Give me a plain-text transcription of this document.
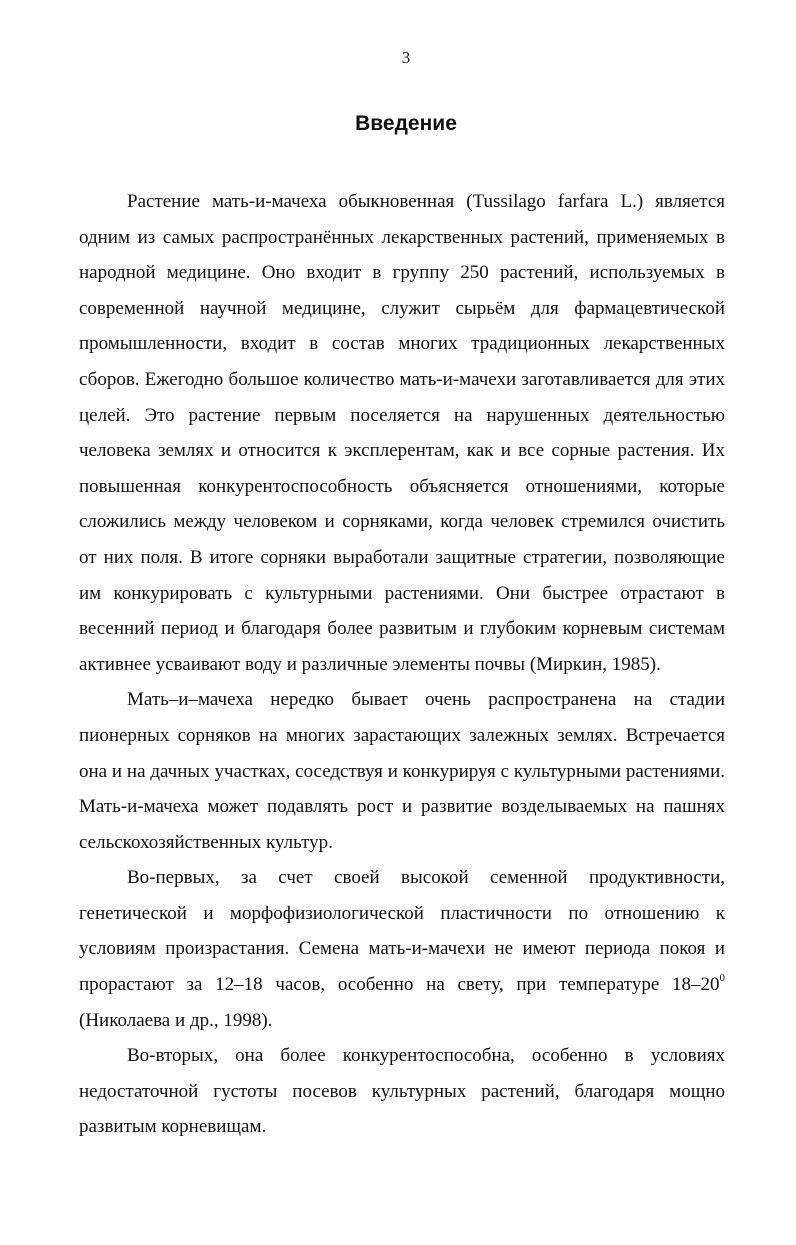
3
Введение

Растение мать-и-мачеха обыкновенная (Tussilago farfara L.) является одним из самых распространённых лекарственных растений, применяемых в народной медицине. Оно входит в группу 250 растений, используемых в современной научной медицине, служит сырьём для фармацевтической промышленности, входит в состав многих традиционных лекарственных сборов. Ежегодно большое количество мать-и-мачехи заготавливается для этих целей. Это растение первым поселяется на нарушенных деятельностью человека землях и относится к эксплерентам, как и все сорные растения. Их повышенная конкурентоспособность объясняется отношениями, которые сложились между человеком и сорняками, когда человек стремился очистить от них поля. В итоге сорняки выработали защитные стратегии, позволяющие им конкурировать с культурными растениями. Они быстрее отрастают в весенний период и благодаря более развитым и глубоким корневым системам активнее усваивают воду и различные элементы почвы (Миркин, 1985).

Мать–и–мачеха нередко бывает очень распространена на стадии пионерных сорняков на многих зарастающих залежных землях. Встречается она и на дачных участках, соседствуя и конкурируя с культурными растениями. Мать-и-мачеха может подавлять рост и развитие возделываемых на пашнях сельскохозяйственных культур.

Во-первых, за счет своей высокой семенной продуктивности, генетической и морфофизиологической пластичности по отношению к условиям произрастания. Семена мать-и-мачехи не имеют периода покоя и прорастают за 12–18 часов, особенно на свету, при температуре $18-20^0$ (Николаева и др., 1998).

Во-вторых, она более конкурентоспособна, особенно в условиях недостаточной густоты посевов культурных растений, благодаря мощно развитым корневищам.
